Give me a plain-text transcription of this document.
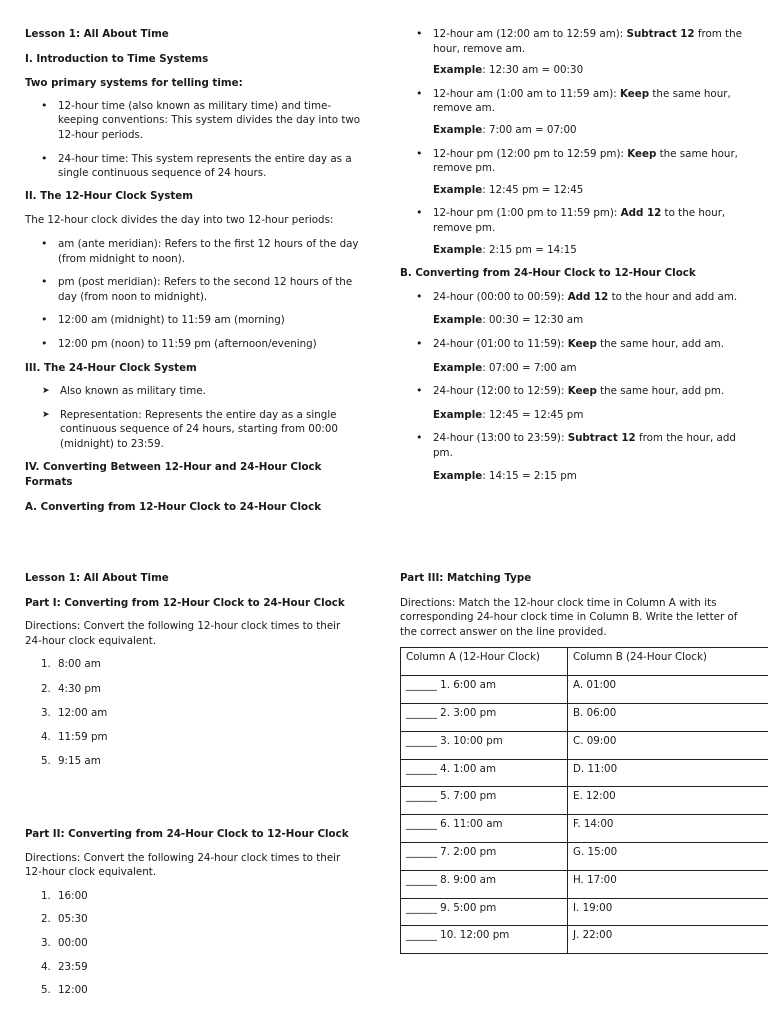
Lesson 1: All About Time

I. Introduction to Time Systems

Two primary systems for telling time:

• 12-hour time (also known as military time) and time-keeping conventions: This system divides the day into two 12-hour periods.
• 24-hour time: This system represents the entire day as a single continuous sequence of 24 hours.

II. The 12-Hour Clock System

The 12-hour clock divides the day into two 12-hour periods:

• am (ante meridian): Refers to the first 12 hours of the day (from midnight to noon).
• pm (post meridian): Refers to the second 12 hours of the day (from noon to midnight).
• 12:00 am (midnight) to 11:59 am (morning)
• 12:00 pm (noon) to 11:59 pm (afternoon/evening)

III. The 24-Hour Clock System

➤ Also known as military time.
➤ Representation: Represents the entire day as a single continuous sequence of 24 hours, starting from 00:00 (midnight) to 23:59.

IV. Converting Between 12-Hour and 24-Hour Clock Formats

A. Converting from 12-Hour Clock to 24-Hour Clock

• 12-hour am (12:00 am to 12:59 am): Subtract 12 from the hour, remove am.
Example: 12:30 am = 00:30
• 12-hour am (1:00 am to 11:59 am): Keep the same hour, remove am.
Example: 7:00 am = 07:00
• 12-hour pm (12:00 pm to 12:59 pm): Keep the same hour, remove pm.
Example: 12:45 pm = 12:45
• 12-hour pm (1:00 pm to 11:59 pm): Add 12 to the hour, remove pm.
Example: 2:15 pm = 14:15

B. Converting from 24-Hour Clock to 12-Hour Clock

• 24-hour (00:00 to 00:59): Add 12 to the hour and add am.
Example: 00:30 = 12:30 am
• 24-hour (01:00 to 11:59): Keep the same hour, add am.
Example: 07:00 = 7:00 am
• 24-hour (12:00 to 12:59): Keep the same hour, add pm.
Example: 12:45 = 12:45 pm
• 24-hour (13:00 to 23:59): Subtract 12 from the hour, add pm.
Example: 14:15 = 2:15 pm

Lesson 1: All About Time

Part I: Converting from 12-Hour Clock to 24-Hour Clock

Directions: Convert the following 12-hour clock times to their 24-hour clock equivalent.

1. 8:00 am
2. 4:30 pm
3. 12:00 am
4. 11:59 pm
5. 9:15 am

Part II: Converting from 24-Hour Clock to 12-Hour Clock

Directions: Convert the following 24-hour clock times to their 12-hour clock equivalent.

1. 16:00
2. 05:30
3. 00:00
4. 23:59
5. 12:00

Part III: Matching Type

Directions: Match the 12-hour clock time in Column A with its corresponding 24-hour clock time in Column B. Write the letter of the correct answer on the line provided.

Column A (12-Hour Clock)	Column B (24-Hour Clock)
______ 1. 6:00 am	A. 01:00
______ 2. 3:00 pm	B. 06:00
______ 3. 10:00 pm	C. 09:00
______ 4. 1:00 am	D. 11:00
______ 5. 7:00 pm	E. 12:00
______ 6. 11:00 am	F. 14:00
______ 7. 2:00 pm	G. 15:00
______ 8. 9:00 am	H. 17:00
______ 9. 5:00 pm	I. 19:00
______ 10. 12:00 pm	J. 22:00
